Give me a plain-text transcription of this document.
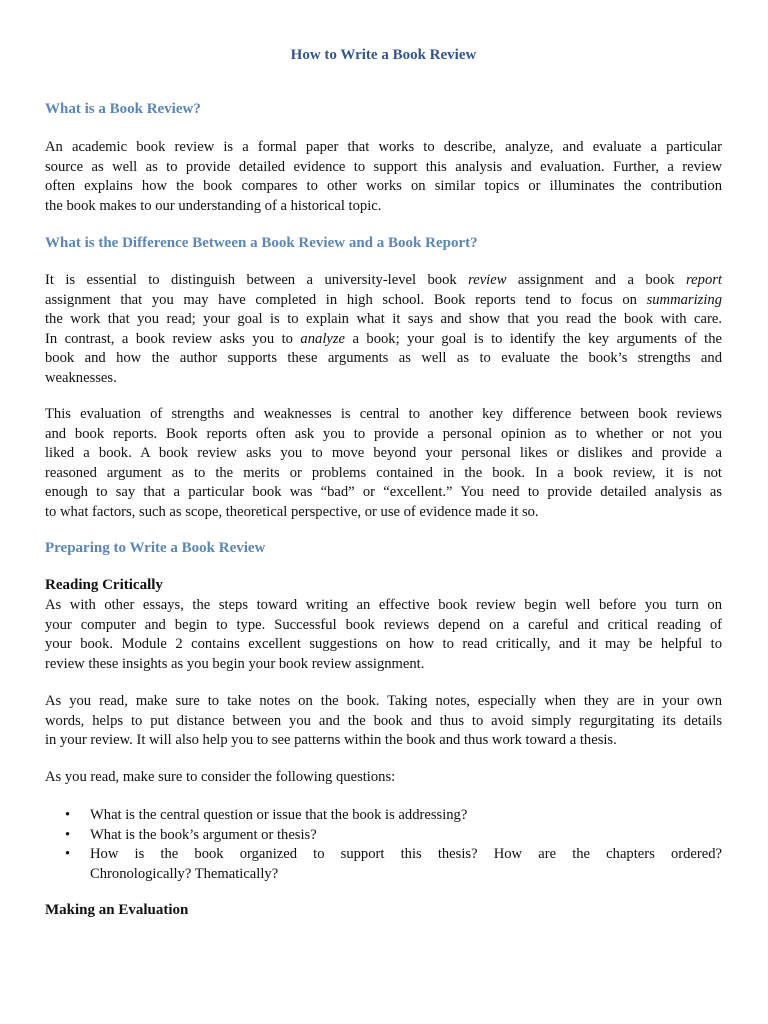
How to Write a Book Review
What is a Book Review?
An academic book review is a formal paper that works to describe, analyze, and evaluate a particular
source as well as to provide detailed evidence to support this analysis and evaluation. Further, a review
often explains how the book compares to other works on similar topics or illuminates the contribution
the book makes to our understanding of a historical topic.
What is the Difference Between a Book Review and a Book Report?
It is essential to distinguish between a university-level book review assignment and a book report
assignment that you may have completed in high school. Book reports tend to focus on summarizing
the work that you read; your goal is to explain what it says and show that you read the book with care.
In contrast, a book review asks you to analyze a book; your goal is to identify the key arguments of the
book and how the author supports these arguments as well as to evaluate the book’s strengths and
weaknesses.
This evaluation of strengths and weaknesses is central to another key difference between book reviews
and book reports. Book reports often ask you to provide a personal opinion as to whether or not you
liked a book. A book review asks you to move beyond your personal likes or dislikes and provide a
reasoned argument as to the merits or problems contained in the book. In a book review, it is not
enough to say that a particular book was “bad” or “excellent.” You need to provide detailed analysis as
to what factors, such as scope, theoretical perspective, or use of evidence made it so.
Preparing to Write a Book Review
Reading Critically
As with other essays, the steps toward writing an effective book review begin well before you turn on
your computer and begin to type. Successful book reviews depend on a careful and critical reading of
your book. Module 2 contains excellent suggestions on how to read critically, and it may be helpful to
review these insights as you begin your book review assignment.
As you read, make sure to take notes on the book. Taking notes, especially when they are in your own
words, helps to put distance between you and the book and thus to avoid simply regurgitating its details
in your review. It will also help you to see patterns within the book and thus work toward a thesis.
As you read, make sure to consider the following questions:
• What is the central question or issue that the book is addressing?
• What is the book’s argument or thesis?
• How is the book organized to support this thesis? How are the chapters ordered?
Chronologically? Thematically?
Making an Evaluation
